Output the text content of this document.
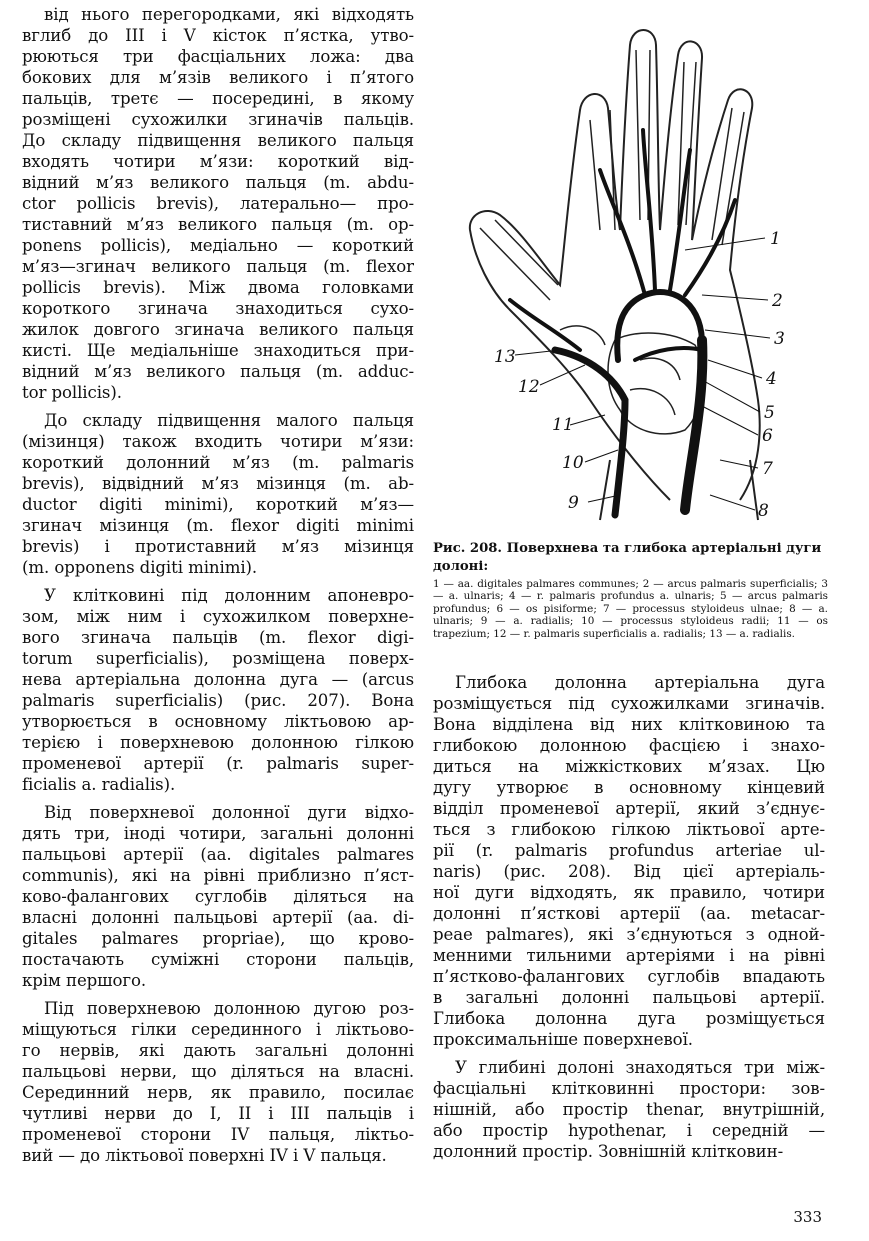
від нього перегородками, які відходять
вглиб до III і V кісток п’ястка, утво-
рюються три фасціальних ложа: два
бокових для м’язів великого і п’ятого
пальців, третє — посередині, в якому
розміщені сухожилки згиначів пальців.
До складу підвищення великого пальця
входять чотири м’язи: короткий від-
відний м’яз великого пальця (m. abdu-
ctor pollicis brevis), латерально— про-
тиставний м’яз великого пальця (m. op-
ponens pollicis), медіально — короткий
м’яз—згинач великого пальця (m. flexor
pollicis brevis). Між двома головками
короткого згинача знаходиться сухо-
жилок довгого згинача великого пальця
кисті. Ще медіальніше знаходиться при-
відний м’яз великого пальця (m. adduc-
tor pollicis).
До складу підвищення малого пальця
(мізинця) також входить чотири м’язи:
короткий долонний м’яз (m. palmaris
brevis), відвідний м’яз мізинця (m. ab-
ductor digiti minimi), короткий м’яз—
згинач мізинця (m. flexor digiti minimi
brevis) і протиставний м’яз мізинця
(m. opponens digiti minimi).
У клітковині під долонним апоневро-
зом, між ним і сухожилком поверхне-
вого згинача пальців (m. flexor digi-
torum superficialis), розміщена поверх-
нева артеріальна долонна дуга — (arcus
palmaris superficialis) (рис. 207). Вона
утворюється в основному ліктьовою ар-
терією і поверхневою долонною гілкою
променевої артерії (r. palmaris super-
ficialis a. radialis).
Від поверхневої долонної дуги відхо-
дять три, іноді чотири, загальні долонні
пальцьові артерії (aa. digitales palmares
communis), які на рівні приблизно п’яст-
ково-фалангових суглобів діляться на
власні долонні пальцьові артерії (aa. di-
gitales palmares propriae), що крово-
постачають суміжні сторони пальців,
крім першого.
Під поверхневою долонною дугою роз-
міщуються гілки серединного і ліктьово-
го нервів, які дають загальні долонні
пальцьові нерви, що діляться на власні.
Серединний нерв, як правило, посилає
чутливі нерви до I, II і III пальців і
променевої сторони IV пальця, ліктьо-
вий — до ліктьової поверхні IV і V пальця.
1
2
3
4
5
6
7
8
9
10
11
12
13
Рис. 208. Поверхнева та глибока артеріальні дуги долоні:
1 — aa. digitales palmares communes; 2 — arcus palmaris superficialis; 3 — a. ulnaris; 4 — r. palmaris profundus a. ulnaris; 5 — arcus palmaris profundus; 6 — os pisiforme; 7 — processus styloideus ulnae; 8 — a. ulnaris; 9 — a. radialis; 10 — processus styloideus radii; 11 — os trapezium; 12 — r. palmaris superficialis a. radialis; 13 — a. radialis.
Глибока долонна артеріальна дуга
розміщується під сухожилками згиначів.
Вона відділена від них клітковиною та
глибокою долонною фасцією і знахо-
диться на міжкісткових м’язах. Цю
дугу утворює в основному кінцевий
відділ променевої артерії, який з’єднує-
ться з глибокою гілкою ліктьової арте-
рії (r. palmaris profundus arteriae ul-
naris) (рис. 208). Від цієї артеріаль-
ної дуги відходять, як правило, чотири
долонні п’ясткові артерії (aa. metacar-
peae palmares), які з’єднуються з одной-
менними тильними артеріями і на рівні
п’ястково-фалангових суглобів впадають
в загальні долонні пальцьові артерії.
Глибока долонна дуга розміщується
проксимальніше поверхневої.
У глибині долоні знаходяться три між-
фасціальні клітковинні простори: зов-
нішній, або простір thenar, внутрішній,
або простір hypothenar, і середній —
долонний простір. Зовнішній клітковин-
333
